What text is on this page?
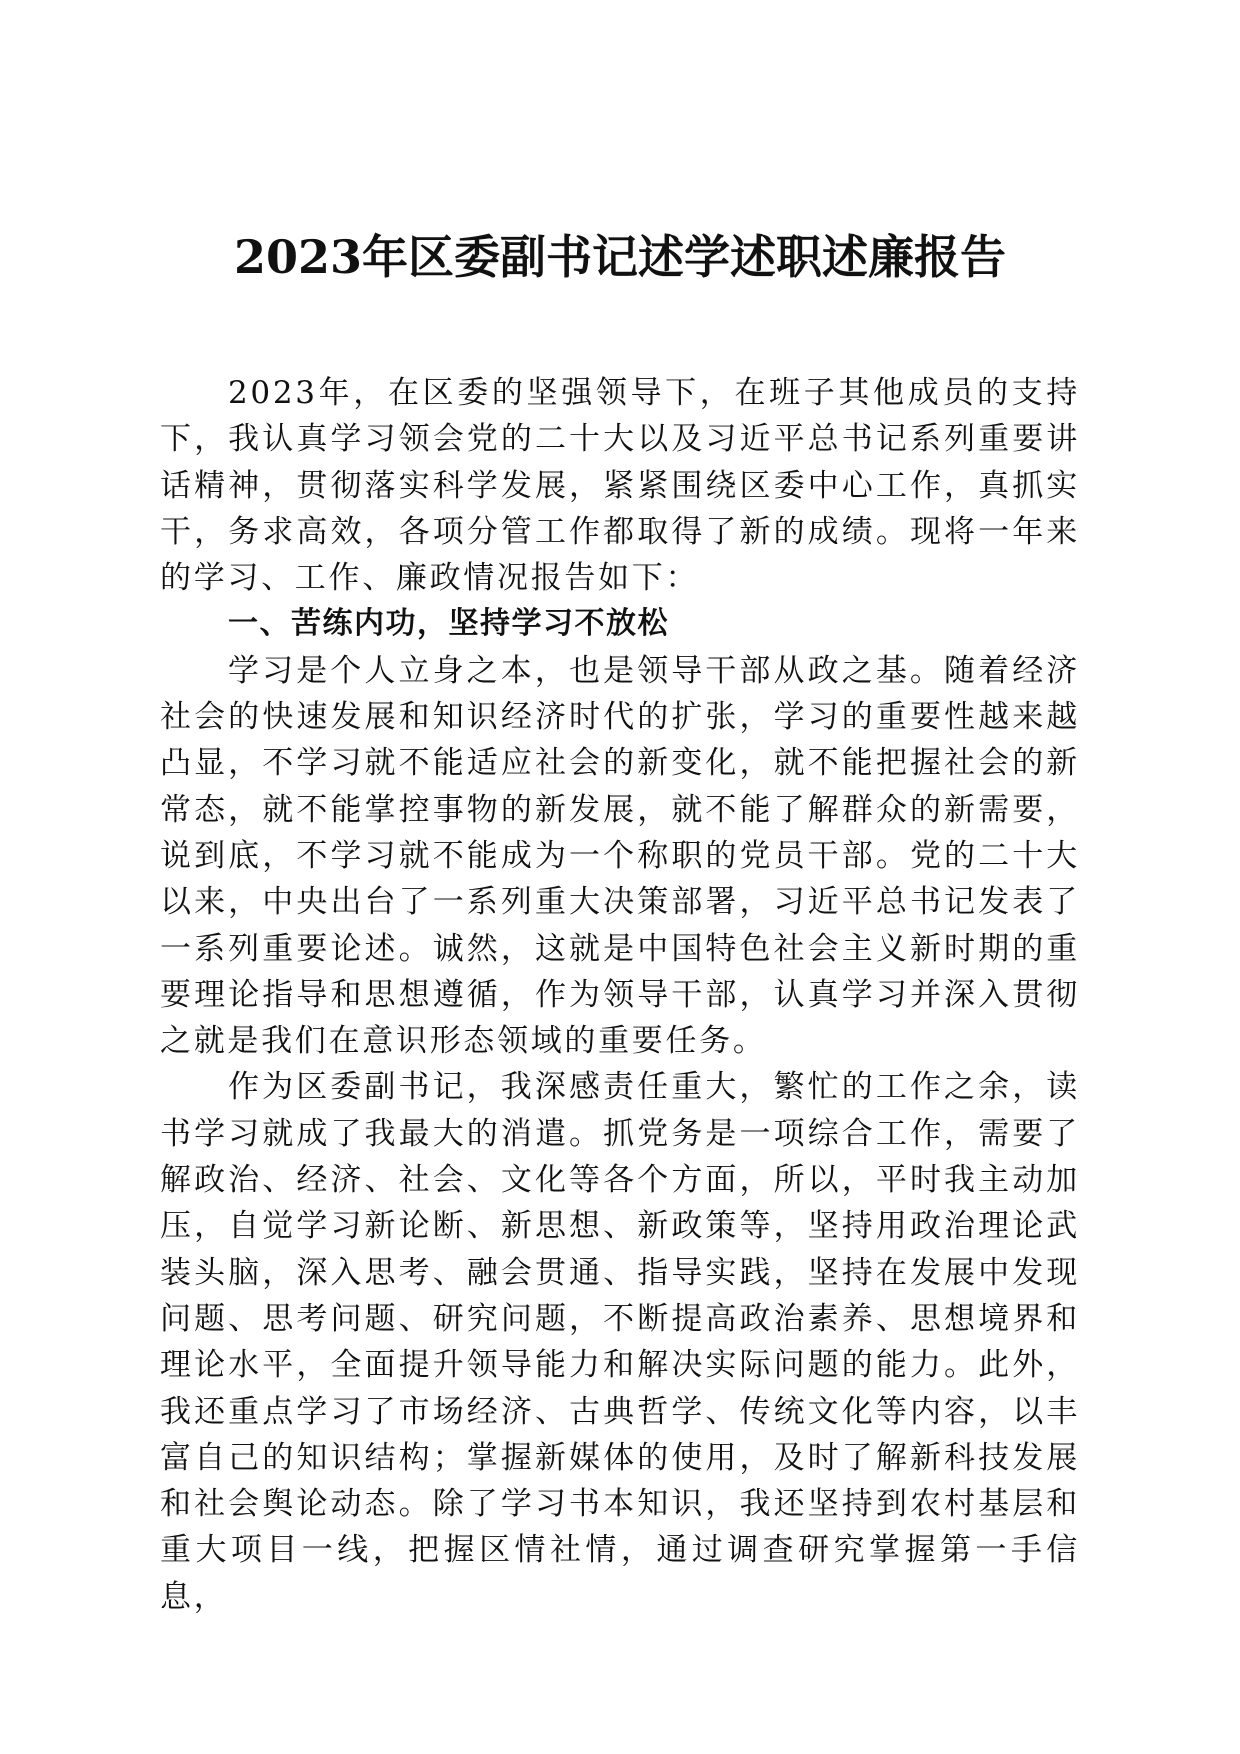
2023年区委副书记述学述职述廉报告

2023年，在区委的坚强领导下，在班子其他成员的支持下，我认真学习领会党的二十大以及习近平总书记系列重要讲话精神，贯彻落实科学发展，紧紧围绕区委中心工作，真抓实干，务求高效，各项分管工作都取得了新的成绩。现将一年来的学习、工作、廉政情况报告如下：

一、苦练内功，坚持学习不放松

学习是个人立身之本，也是领导干部从政之基。随着经济社会的快速发展和知识经济时代的扩张，学习的重要性越来越凸显，不学习就不能适应社会的新变化，就不能把握社会的新常态，就不能掌控事物的新发展，就不能了解群众的新需要，说到底，不学习就不能成为一个称职的党员干部。党的二十大以来，中央出台了一系列重大决策部署，习近平总书记发表了一系列重要论述。诚然，这就是中国特色社会主义新时期的重要理论指导和思想遵循，作为领导干部，认真学习并深入贯彻之就是我们在意识形态领域的重要任务。

作为区委副书记，我深感责任重大，繁忙的工作之余，读书学习就成了我最大的消遣。抓党务是一项综合工作，需要了解政治、经济、社会、文化等各个方面，所以，平时我主动加压，自觉学习新论断、新思想、新政策等，坚持用政治理论武装头脑，深入思考、融会贯通、指导实践，坚持在发展中发现问题、思考问题、研究问题，不断提高政治素养、思想境界和理论水平，全面提升领导能力和解决实际问题的能力。此外，我还重点学习了市场经济、古典哲学、传统文化等内容，以丰富自己的知识结构；掌握新媒体的使用，及时了解新科技发展和社会舆论动态。除了学习书本知识，我还坚持到农村基层和重大项目一线，把握区情社情，通过调查研究掌握第一手信息，
